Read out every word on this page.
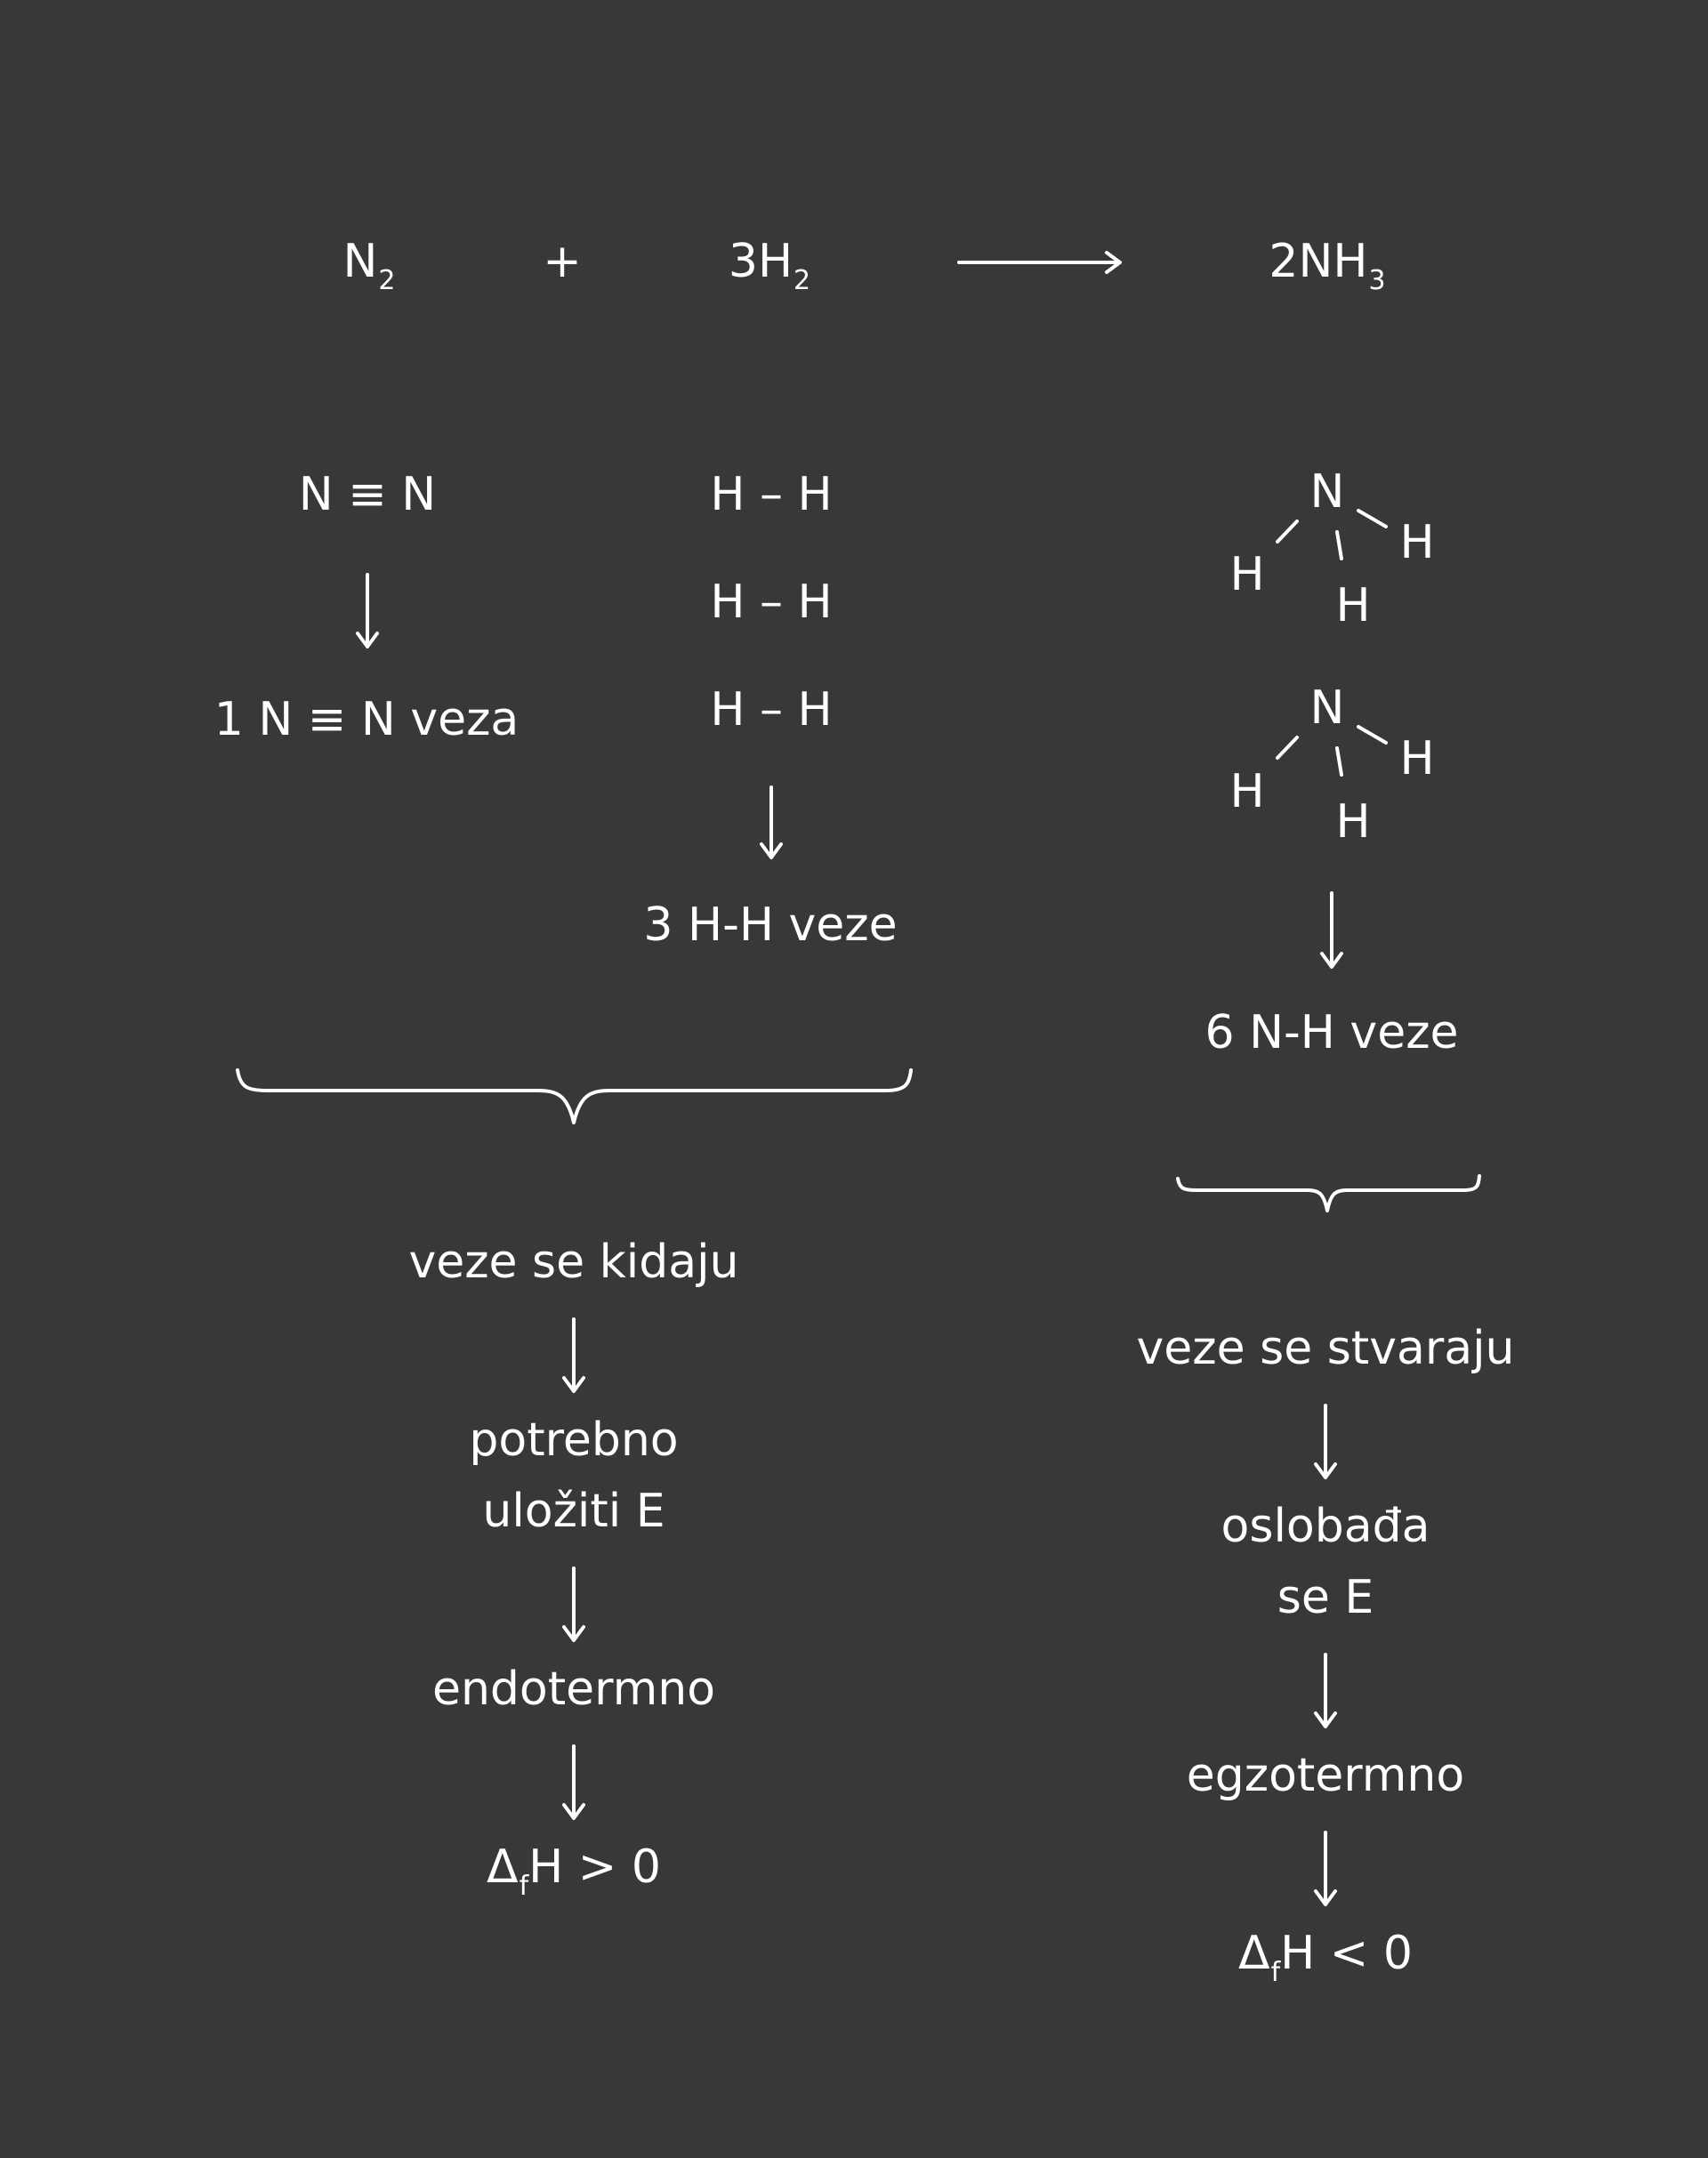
$N_2$	+	$3H_2$	$2NH_3$
N ≡ N
1 N ≡ N veza
H – H
H – H
H – H
3 H-H veze
N
H
H
H
N
H
H
H
6 N-H veze
veze se kidaju
potrebno
uložiti E
endotermno
$\Delta_fH > 0$
veze se stvaraju
oslobađa
se E
egzotermno
$\Delta_fH < 0$
